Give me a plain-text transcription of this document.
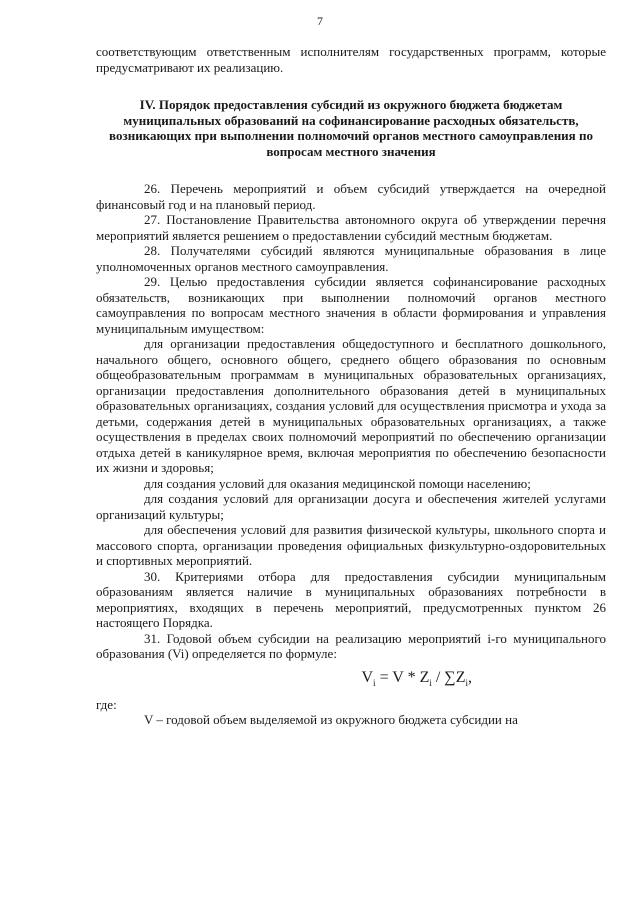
7

соответствующим ответственным исполнителям государственных программ, которые предусматривают их реализацию.

IV. Порядок предоставления субсидий из окружного бюджета бюджетам муниципальных образований на софинансирование расходных обязательств, возникающих при выполнении полномочий органов местного самоуправления по вопросам местного значения

26. Перечень мероприятий и объем субсидий утверждается на очередной финансовый год и на плановый период.

27. Постановление Правительства автономного округа об утверждении перечня мероприятий является решением о предоставлении субсидий местным бюджетам.

28. Получателями субсидий являются муниципальные образования в лице уполномоченных органов местного самоуправления.

29. Целью предоставления субсидии является софинансирование расходных обязательств, возникающих при выполнении полномочий органов местного самоуправления по вопросам местного значения в области формирования и управления муниципальным имуществом:

для организации предоставления общедоступного и бесплатного дошкольного, начального общего, основного общего, среднего общего образования по основным общеобразовательным программам в муниципальных образовательных организациях, организации предоставления дополнительного образования детей в муниципальных образовательных организациях, создания условий для осуществления присмотра и ухода за детьми, содержания детей в муниципальных образовательных организациях, а также осуществления в пределах своих полномочий мероприятий по обеспечению организации отдыха детей в каникулярное время, включая мероприятия по обеспечению безопасности их жизни и здоровья;

для создания условий для оказания медицинской помощи населению;

для создания условий для организации досуга и обеспечения жителей услугами организаций культуры;

для обеспечения условий для развития физической культуры, школьного спорта и массового спорта, организации проведения официальных физкультурно-оздоровительных и спортивных мероприятий.

30. Критериями отбора для предоставления субсидии муниципальным образованиям является наличие в муниципальных образованиях потребности в мероприятиях, входящих в перечень мероприятий, предусмотренных пунктом 26 настоящего Порядка.

31. Годовой объем субсидии на реализацию мероприятий i-го муниципального образования (Vi) определяется по формуле:

$V_i = V * Z_i / \sum Z_i$,

где:

V – годовой объем выделяемой из окружного бюджета субсидии на
